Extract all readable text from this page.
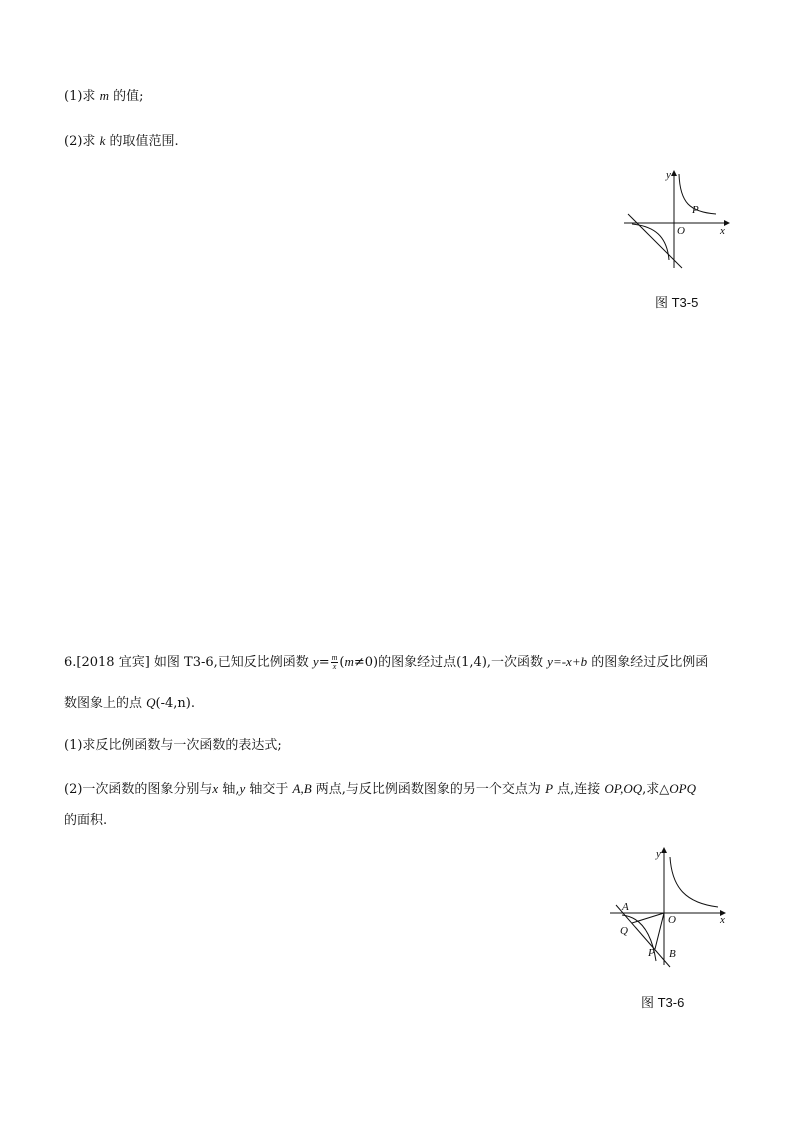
(1)求 m 的值;
(2)求 k 的取值范围.
y
x
O
P
图 T3-5
6.[2018 宜宾] 如图 T3-6,已知反比例函数 $y= \frac{m}{x} (m\ne 0)$的图象经过点(1,4),一次函数 y=-x+b 的图象经过反比例函
数图象上的点 Q(-4,n).
(1)求反比例函数与一次函数的表达式;
(2)一次函数的图象分别与x 轴,y 轴交于 A,B 两点,与反比例函数图象的另一个交点为 P 点,连接 OP,OQ,求△OPQ
的面积.
y
x
O
A
Q
P B
图 T3-6
